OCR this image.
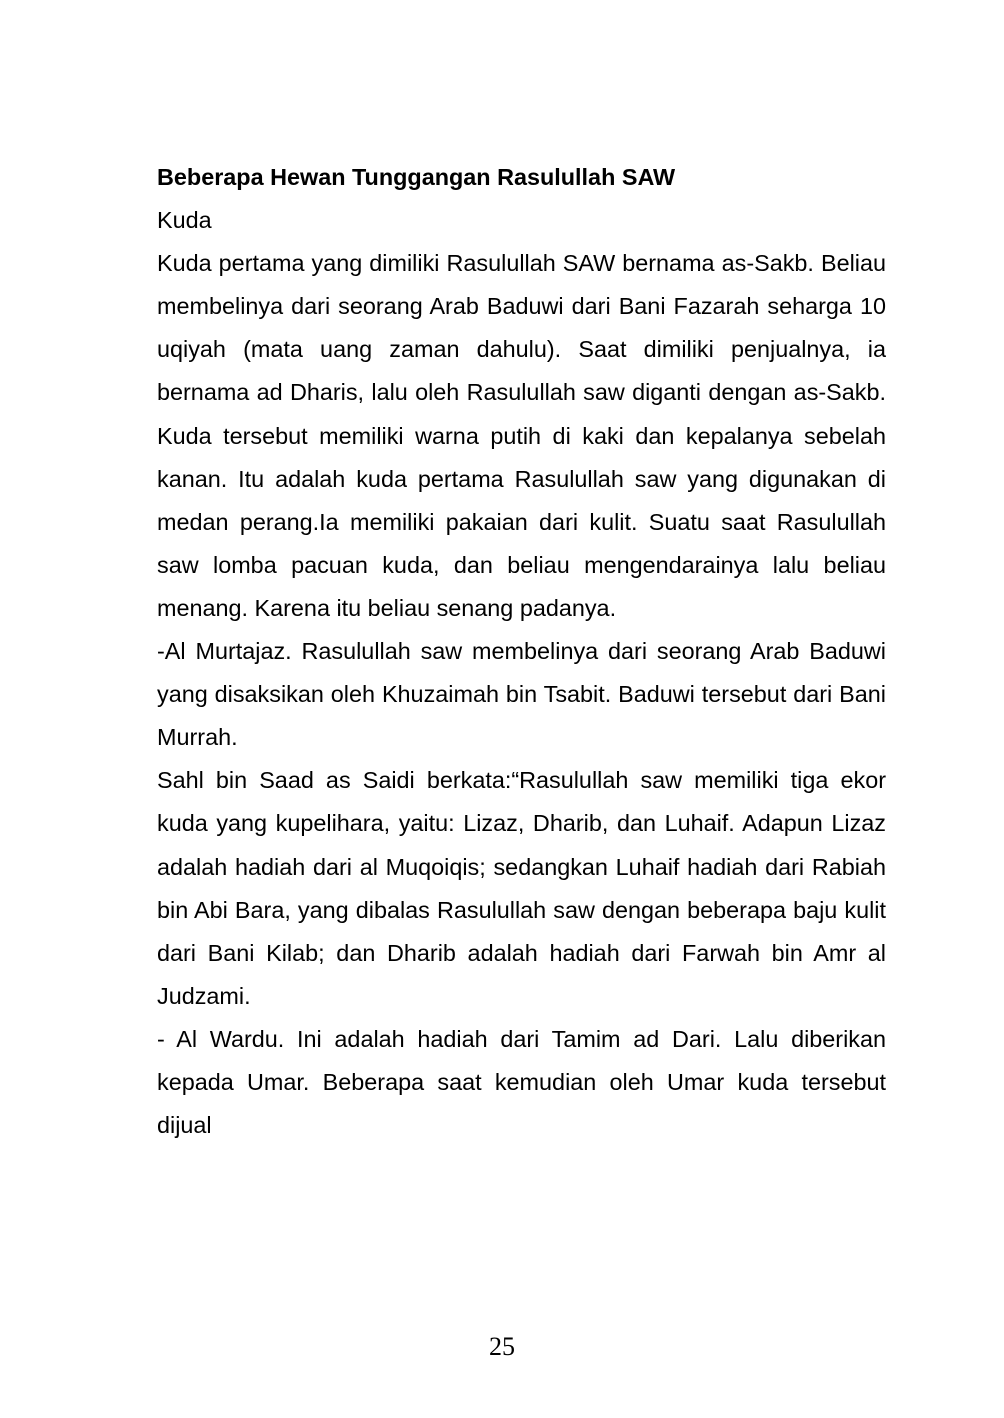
Beberapa Hewan Tunggangan Rasulullah SAW

Kuda

Kuda pertama yang dimiliki Rasulullah SAW bernama as-Sakb. Beliau membelinya dari seorang Arab Baduwi dari Bani Fazarah seharga 10 uqiyah (mata uang zaman dahulu). Saat dimiliki penjualnya, ia bernama ad Dharis, lalu oleh Rasulullah saw diganti dengan as-Sakb. Kuda tersebut memiliki warna putih di kaki dan kepalanya sebelah kanan. Itu adalah kuda pertama Rasulullah saw yang digunakan di medan perang.Ia memiliki pakaian dari kulit. Suatu saat Rasulullah saw lomba pacuan kuda, dan beliau mengendarainya lalu beliau menang. Karena itu beliau senang padanya.

-Al Murtajaz. Rasulullah saw membelinya dari seorang Arab Baduwi yang disaksikan oleh Khuzaimah bin Tsabit. Baduwi tersebut dari Bani Murrah.

Sahl bin Saad as Saidi berkata:“Rasulullah saw memiliki tiga ekor kuda yang kupelihara, yaitu: Lizaz, Dharib, dan Luhaif. Adapun Lizaz adalah hadiah dari al Muqoiqis; sedangkan Luhaif hadiah dari Rabiah bin Abi Bara, yang dibalas Rasulullah saw dengan beberapa baju kulit dari Bani Kilab; dan Dharib adalah hadiah dari Farwah bin Amr al Judzami.

- Al Wardu. Ini adalah hadiah dari Tamim ad Dari. Lalu diberikan kepada Umar. Beberapa saat kemudian oleh Umar kuda tersebut dijual

25
